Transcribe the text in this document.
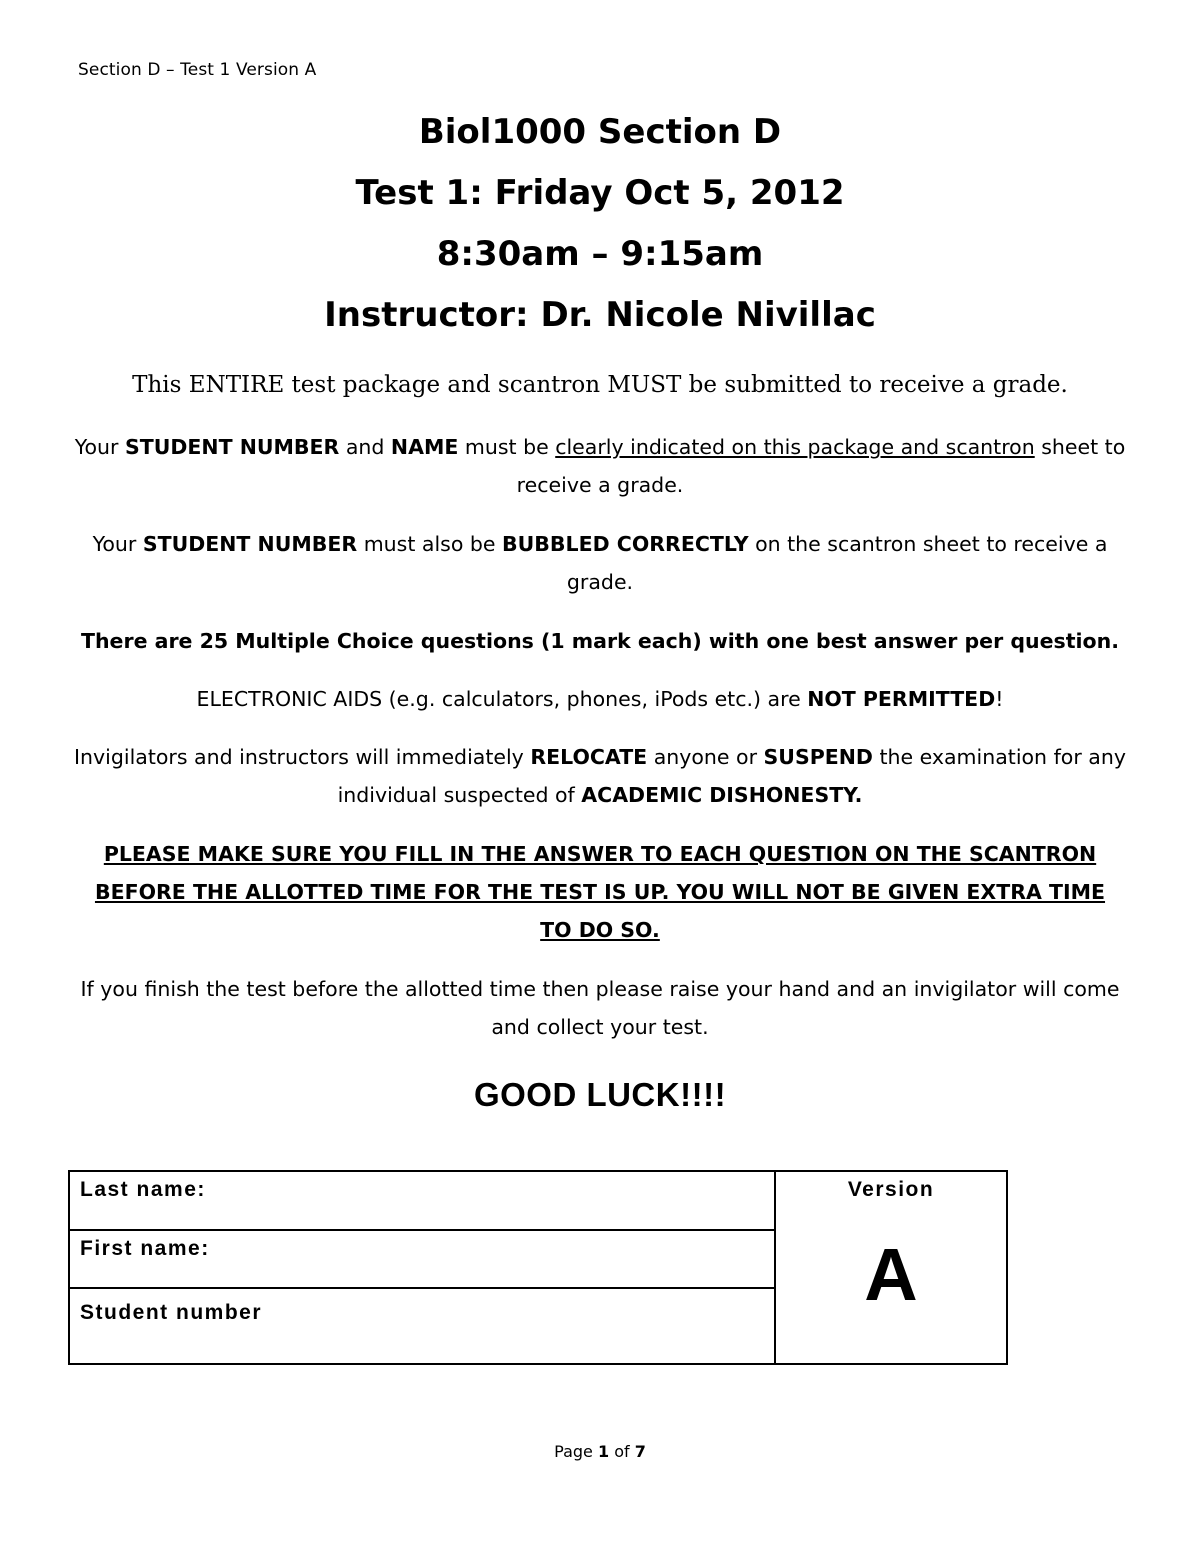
Section D – Test 1 Version A
Biol1000 Section D
Test 1: Friday Oct 5, 2012
8:30am – 9:15am
Instructor: Dr. Nicole Nivillac
This ENTIRE test package and scantron MUST be submitted to receive a grade.
Your STUDENT NUMBER and NAME must be clearly indicated on this package and scantron sheet to receive a grade.
Your STUDENT NUMBER must also be BUBBLED CORRECTLY on the scantron sheet to receive a grade.
There are 25 Multiple Choice questions (1 mark each) with one best answer per question.
ELECTRONIC AIDS (e.g. calculators, phones, iPods etc.) are NOT PERMITTED!
Invigilators and instructors will immediately RELOCATE anyone or SUSPEND the examination for any individual suspected of ACADEMIC DISHONESTY.
PLEASE MAKE SURE YOU FILL IN THE ANSWER TO EACH QUESTION ON THE SCANTRON BEFORE THE ALLOTTED TIME FOR THE TEST IS UP. YOU WILL NOT BE GIVEN EXTRA TIME TO DO SO.
If you finish the test before the allotted time then please raise your hand and an invigilator will come and collect your test.
GOOD LUCK!!!!
Last name:	Version
A

First name:
Student number
Page 1 of 7
